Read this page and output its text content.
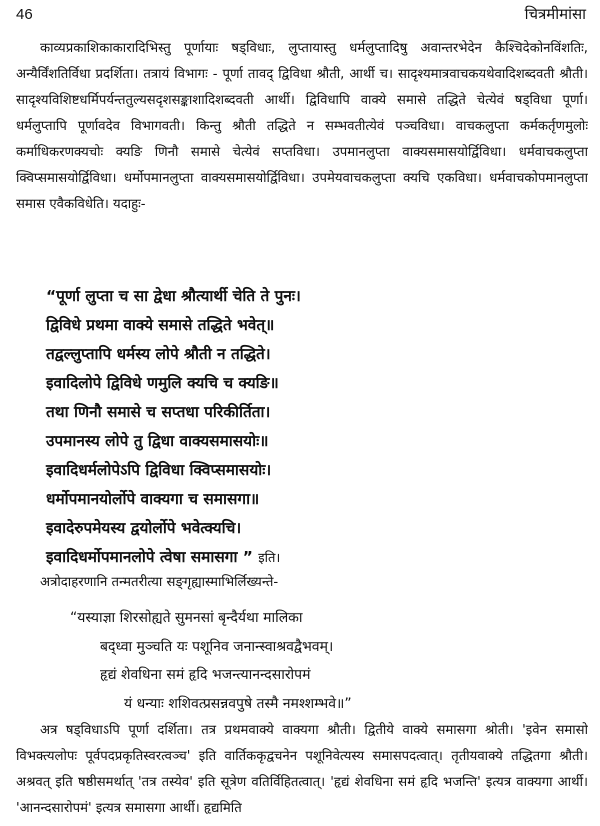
46	चित्रमीमांसा
काव्यप्रकाशिकाकारादिभिस्तु पूर्णायाः षड्विधाः, लुप्तायास्तु धर्मलुप्तादिषु अवान्तरभेदेन कैश्चिदेकोनविंशतिः, अन्यैर्विंशतिर्विधा प्रदर्शिता। तत्रायं विभागः - पूर्णा तावद् द्विविधा श्रौती, आर्थी च। सादृश्यमात्रवाचकयथेवादिशब्दवती श्रौती। सादृश्यविशिष्टधर्मिपर्यन्ततुल्यसदृशसङ्काशादिशब्दवती आर्थी। द्विविधापि वाक्ये समासे तद्धिते चेत्येवं षड्विधा पूर्णा। धर्मलुप्तापि पूर्णावदेव विभागवती। किन्तु श्रौती तद्धिते न सम्भवतीत्येवं पञ्चविधा। वाचकलुप्ता कर्मकर्तृणमुलोः कर्माधिकरणक्यचोः क्यङि णिनौ समासे चेत्येवं सप्तविधा। उपमानलुप्ता वाक्यसमासयोर्द्विविधा। धर्मवाचकलुप्ता क्विप्समासयोर्द्विविधा। धर्मोपमानलुप्ता वाक्यसमासयोर्द्विविधा। उपमेयवाचकलुप्ता क्यचि एकविधा। धर्मवाचकोपमानलुप्ता समास एवैकविधेति। यदाहुः-
“पूर्णा लुप्ता च सा द्वेधा श्रौत्यार्थी चेति ते पुनः।
द्विविधे प्रथमा वाक्ये समासे तद्धिते भवेत्॥
तद्वल्लुप्तापि धर्मस्य लोपे श्रौती न तद्धिते।
इवादिलोपे द्विविधे णमुलि क्यचि च क्यङि॥
तथा णिनौ समासे च सप्तधा परिकीर्तिता।
उपमानस्य लोपे तु द्विधा वाक्यसमासयोः॥
इवादिधर्मलोपेऽपि द्विविधा क्विप्समासयोः।
धर्मोपमानयोर्लोपे वाक्यगा च समासगा॥
इवादेरुपमेयस्य द्वयोर्लोपे भवेत्क्यचि।
इवादिधर्मोपमानलोपे त्वेषा समासगा ” इति।
अत्रोदाहरणानि तन्मतरीत्या सङ्गृह्यास्माभिर्लिख्यन्ते-
“यस्याज्ञा शिरसोह्यते सुमनसां बृन्दैर्यथा मालिका
बद्ध्वा मुञ्चति यः पशूनिव जनान्स्वाश्रवद्वैभवम्।
हृद्यं शेवधिना समं हृदि भजन्त्यानन्दसारोपमं
यं धन्याः शशिवत्प्रसन्नवपुषे तस्मै नमश्शम्भवे॥”
अत्र षड्विधाऽपि पूर्णा दर्शिता। तत्र प्रथमवाक्ये वाक्यगा श्रौती। द्वितीये वाक्ये समासगा श्रोती। 'इवेन समासो विभक्त्यलोपः पूर्वपदप्रकृतिस्वरत्वञ्च' इति वार्तिककृद्वचनेन पशूनिवेत्यस्य समासपदत्वात्। तृतीयवाक्ये तद्धितगा श्रौती।अश्रवत् इति षष्ठीसमर्थात् 'तत्र तस्येव' इति सूत्रेण वतिर्विहितत्वात्। 'हृद्यं शेवधिना समं हृदि भजन्ति' इत्यत्र वाक्यगा आर्थी। 'आनन्दसारोपमं' इत्यत्र समासगा आर्थी। हृद्यमिति
